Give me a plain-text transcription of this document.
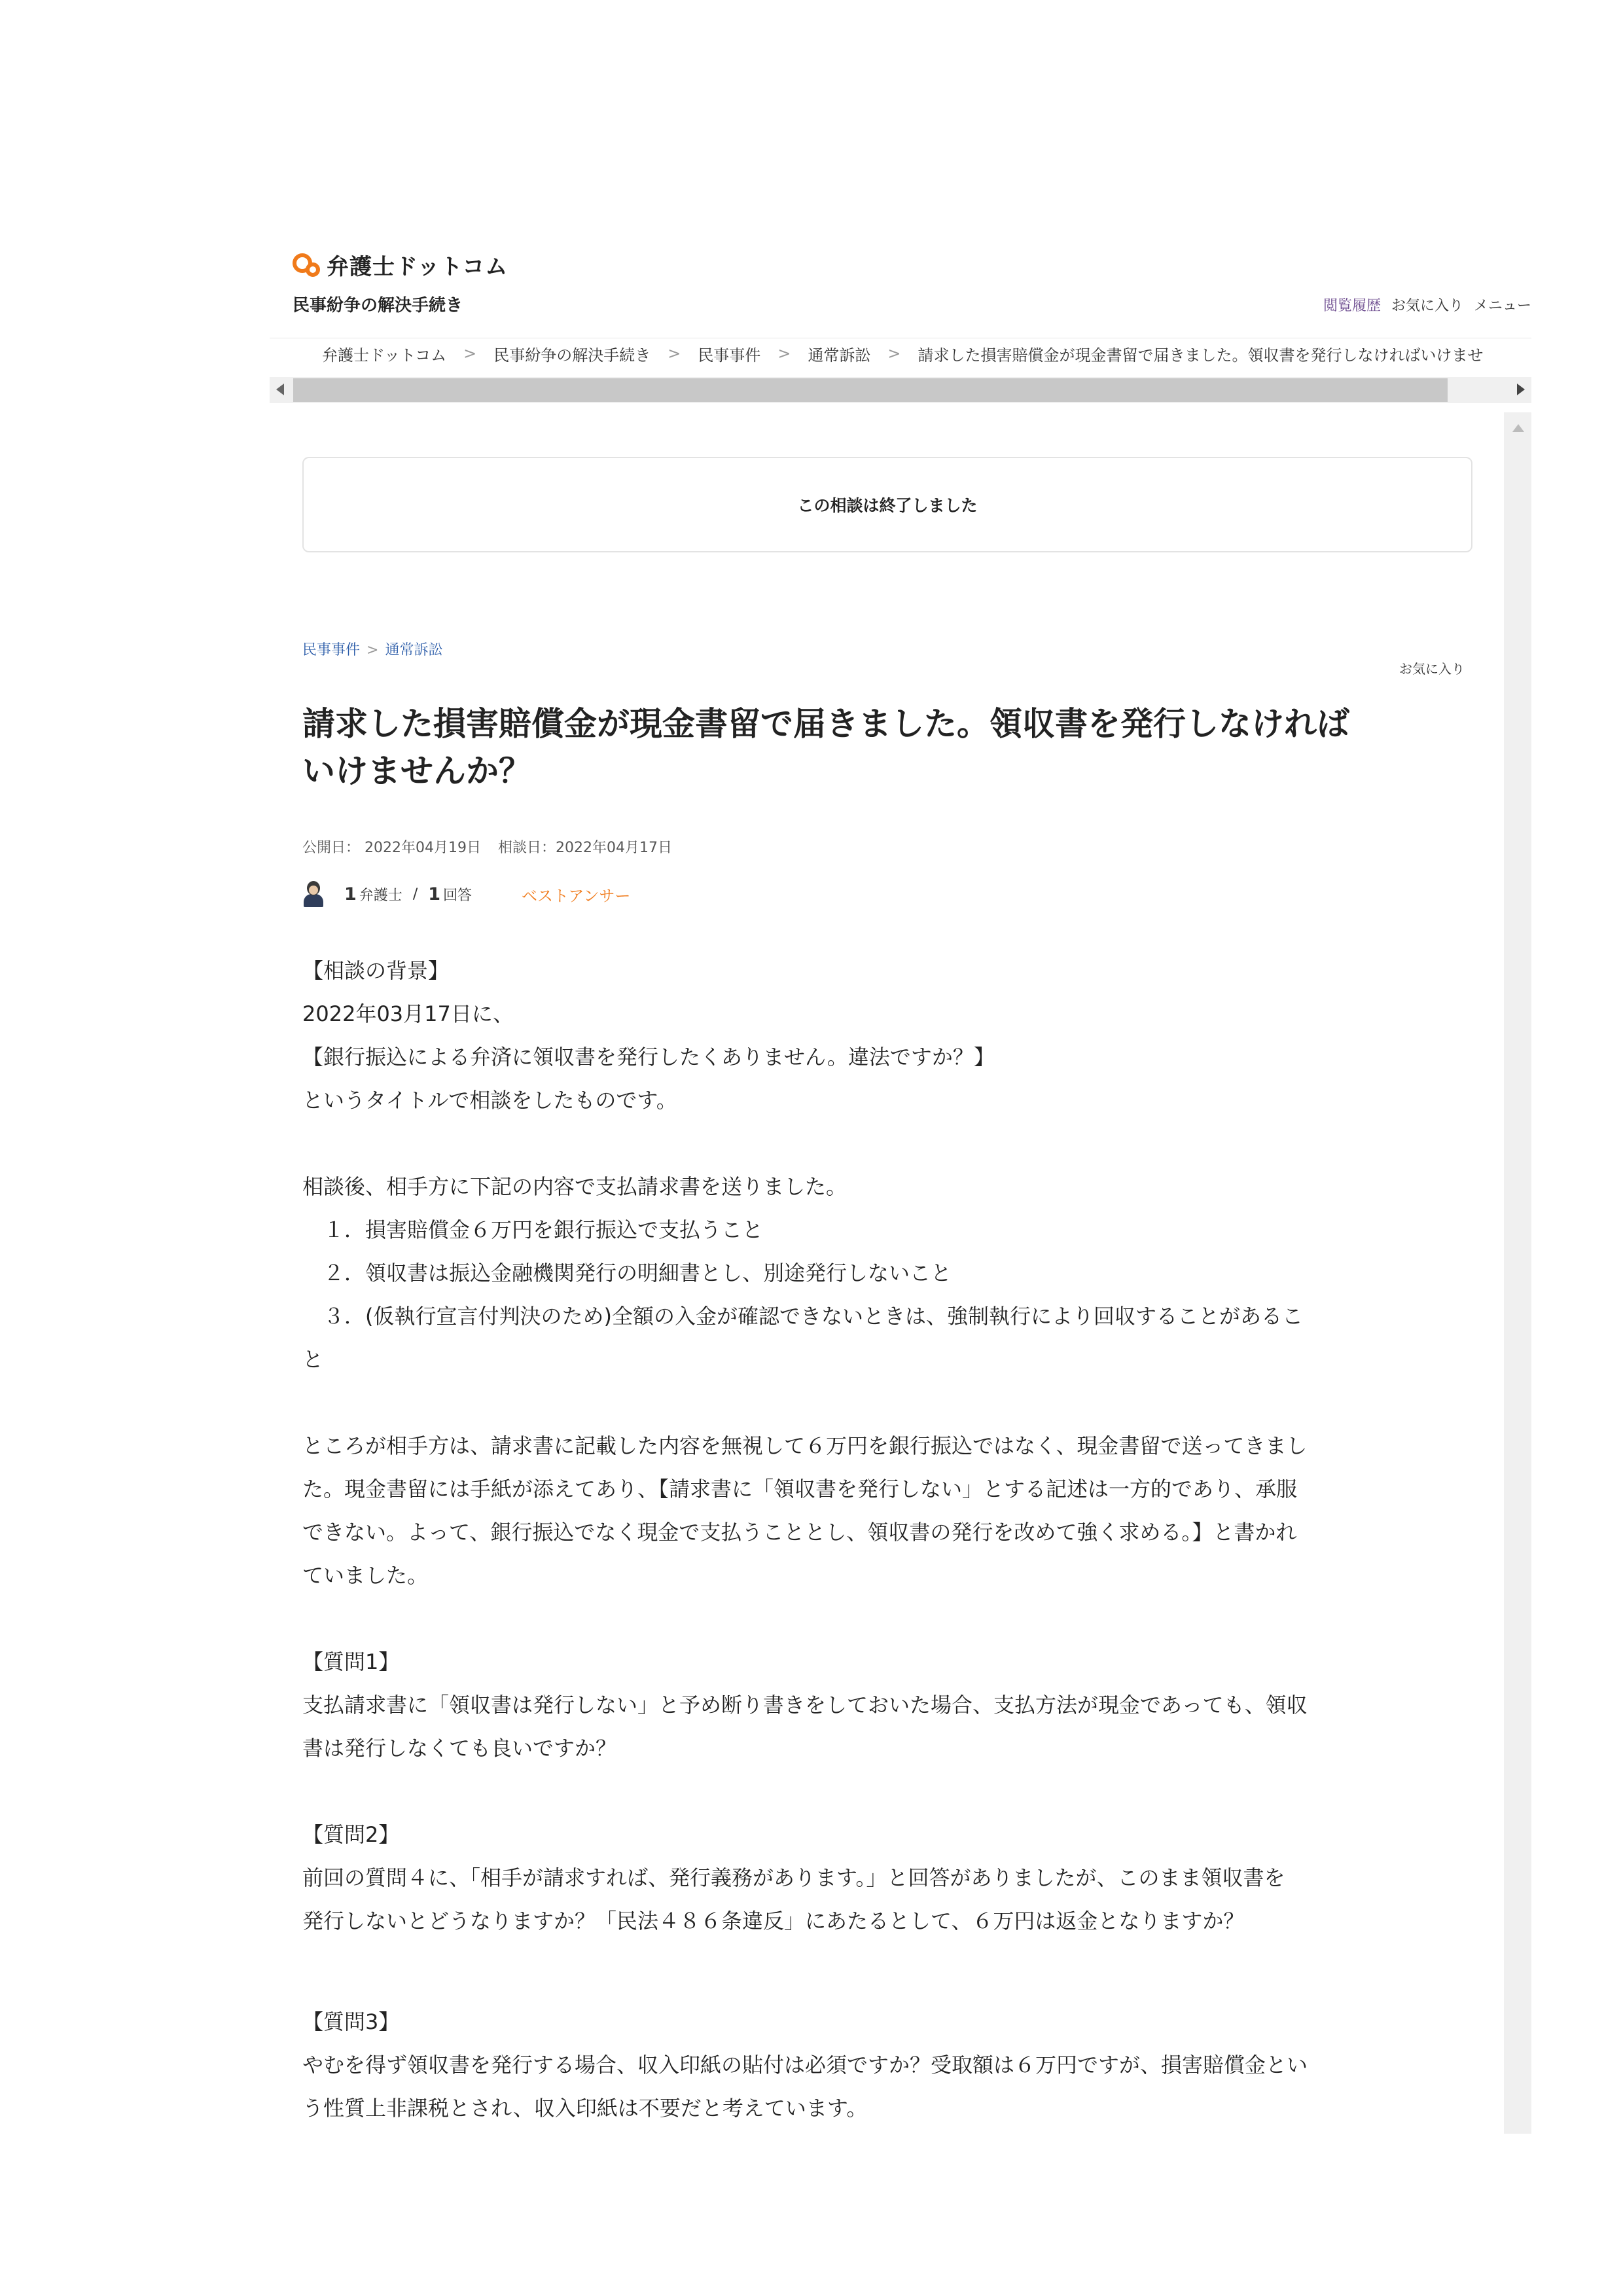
弁護士ドットコム
民事紛争の解決手続き	閲覧履歴 お気に入り メニュー
弁護士ドットコム > 民事紛争の解決手続き > 民事事件 > 通常訴訟 > 請求した損害賠償金が現金書留で届きました。領収書を発行しなければいけませ
この相談は終了しました
民事事件 > 通常訴訟
お気に入り
請求した損害賠償金が現金書留で届きました。領収書を発行しなければ
いけませんか？
公開日： 2022年04月19日 相談日：2022年04月17日
1 弁護士 / 1 回答	ベストアンサー

【相談の背景】

2022年03月17日に、

【銀行振込による弁済に領収書を発行したくありません。違法ですか？】

というタイトルで相談をしたものです。

相談後、相手方に下記の内容で支払請求書を送りました。

　１．損害賠償金６万円を銀行振込で支払うこと

　２．領収書は振込金融機関発行の明細書とし、別途発行しないこと

　３．(仮執行宣言付判決のため)全額の入金が確認できないときは、強制執行により回収することがあるこ

と

ところが相手方は、請求書に記載した内容を無視して６万円を銀行振込ではなく、現金書留で送ってきまし

た。現金書留には手紙が添えてあり、【請求書に「領収書を発行しない」とする記述は一方的であり、承服

できない。よって、銀行振込でなく現金で支払うこととし、領収書の発行を改めて強く求める。】と書かれ

ていました。

【質問1】

支払請求書に「領収書は発行しない」と予め断り書きをしておいた場合、支払方法が現金であっても、領収

書は発行しなくても良いですか？

【質問2】

前回の質問４に、「相手が請求すれば、発行義務があります。」と回答がありましたが、このまま領収書を

発行しないとどうなりますか？「民法４８６条違反」にあたるとして、６万円は返金となりますか？

【質問3】

やむを得ず領収書を発行する場合、収入印紙の貼付は必須ですか？受取額は６万円ですが、損害賠償金とい

う性質上非課税とされ、収入印紙は不要だと考えています。
